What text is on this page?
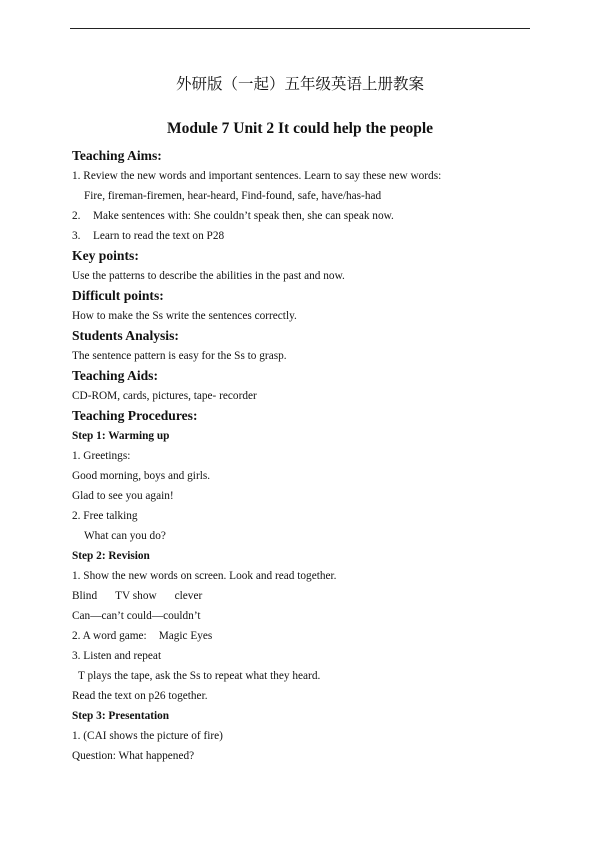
外研版（一起）五年级英语上册教案
Module 7 Unit 2 It could help the people
Teaching Aims:
1. Review the new words and important sentences. Learn to say these new words:
Fire, fireman-firemen, hear-heard, Find-found, safe, have/has-had
2. Make sentences with: She couldn’t speak then, she can speak now.
3. Learn to read the text on P28
Key points:
Use the patterns to describe the abilities in the past and now.
Difficult points:
How to make the Ss write the sentences correctly.
Students Analysis:
The sentence pattern is easy for the Ss to grasp.
Teaching Aids:
CD-ROM, cards, pictures, tape- recorder
Teaching Procedures:
Step 1: Warming up
1. Greetings:
Good morning, boys and girls.
Glad to see you again!
2. Free talking
What can you do?
Step 2: Revision
1. Show the new words on screen. Look and read together.
Blind TV show clever
Can—can’t could—couldn’t
2. A word game: Magic Eyes
3. Listen and repeat
T plays the tape, ask the Ss to repeat what they heard.
Read the text on p26 together.
Step 3: Presentation
1. (CAI shows the picture of fire)
Question: What happened?
